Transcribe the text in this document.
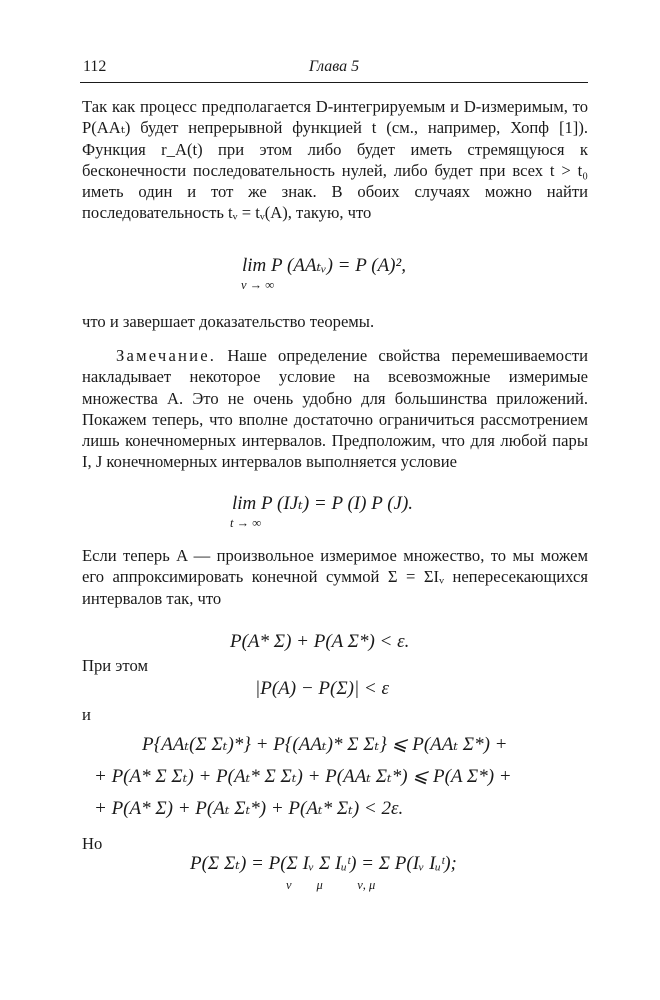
112	Глава 5

Так как процесс предполагается D-интегрируемым и D-измеримым, то P(AAₜ) будет непрерывной функцией t (см., например, Хопф [1]). Функция r_A(t) при этом либо будет иметь стремящуюся к бесконечности последовательность нулей, либо будет при всех t > t₀ иметь один и тот же знак. В обоих случаях можно найти последовательность tᵥ = tᵥ(A), такую, что

lim P (AAₜᵥ) = P (A)²,
ν → ∞

что и завершает доказательство теоремы.

Замечание. Наше определение свойства перемешиваемости накладывает некоторое условие на всевозможные измеримые множества A. Это не очень удобно для большинства приложений. Покажем теперь, что вполне достаточно ограничиться рассмотрением лишь конечномерных интервалов. Предположим, что для любой пары I, J конечномерных интервалов выполняется условие

lim P (IJₜ) = P (I) P (J).
t → ∞

Если теперь A — произвольное измеримое множество, то мы можем его аппроксимировать конечной суммой Σ = ΣIᵥ непересекающихся интервалов так, что

P(A* Σ) + P(A Σ*) < ε.
При этом
|P(A) − P(Σ)| < ε
и
P{AAₜ(Σ Σₜ)*} + P{(AAₜ)* Σ Σₜ} ⩽ P(AAₜ Σ*) +
+ P(A* Σ Σₜ) + P(Aₜ* Σ Σₜ) + P(AAₜ Σₜ*) ⩽ P(A Σ*) +
+ P(A* Σ) + P(Aₜ Σₜ*) + P(Aₜ* Σₜ) < 2ε.
Но
P(Σ Σₜ) = P(Σ Iᵥ Σ Iᵤᵗ) = Σ P(Iᵥ Iᵤᵗ);
ν        μ           ν, μ
